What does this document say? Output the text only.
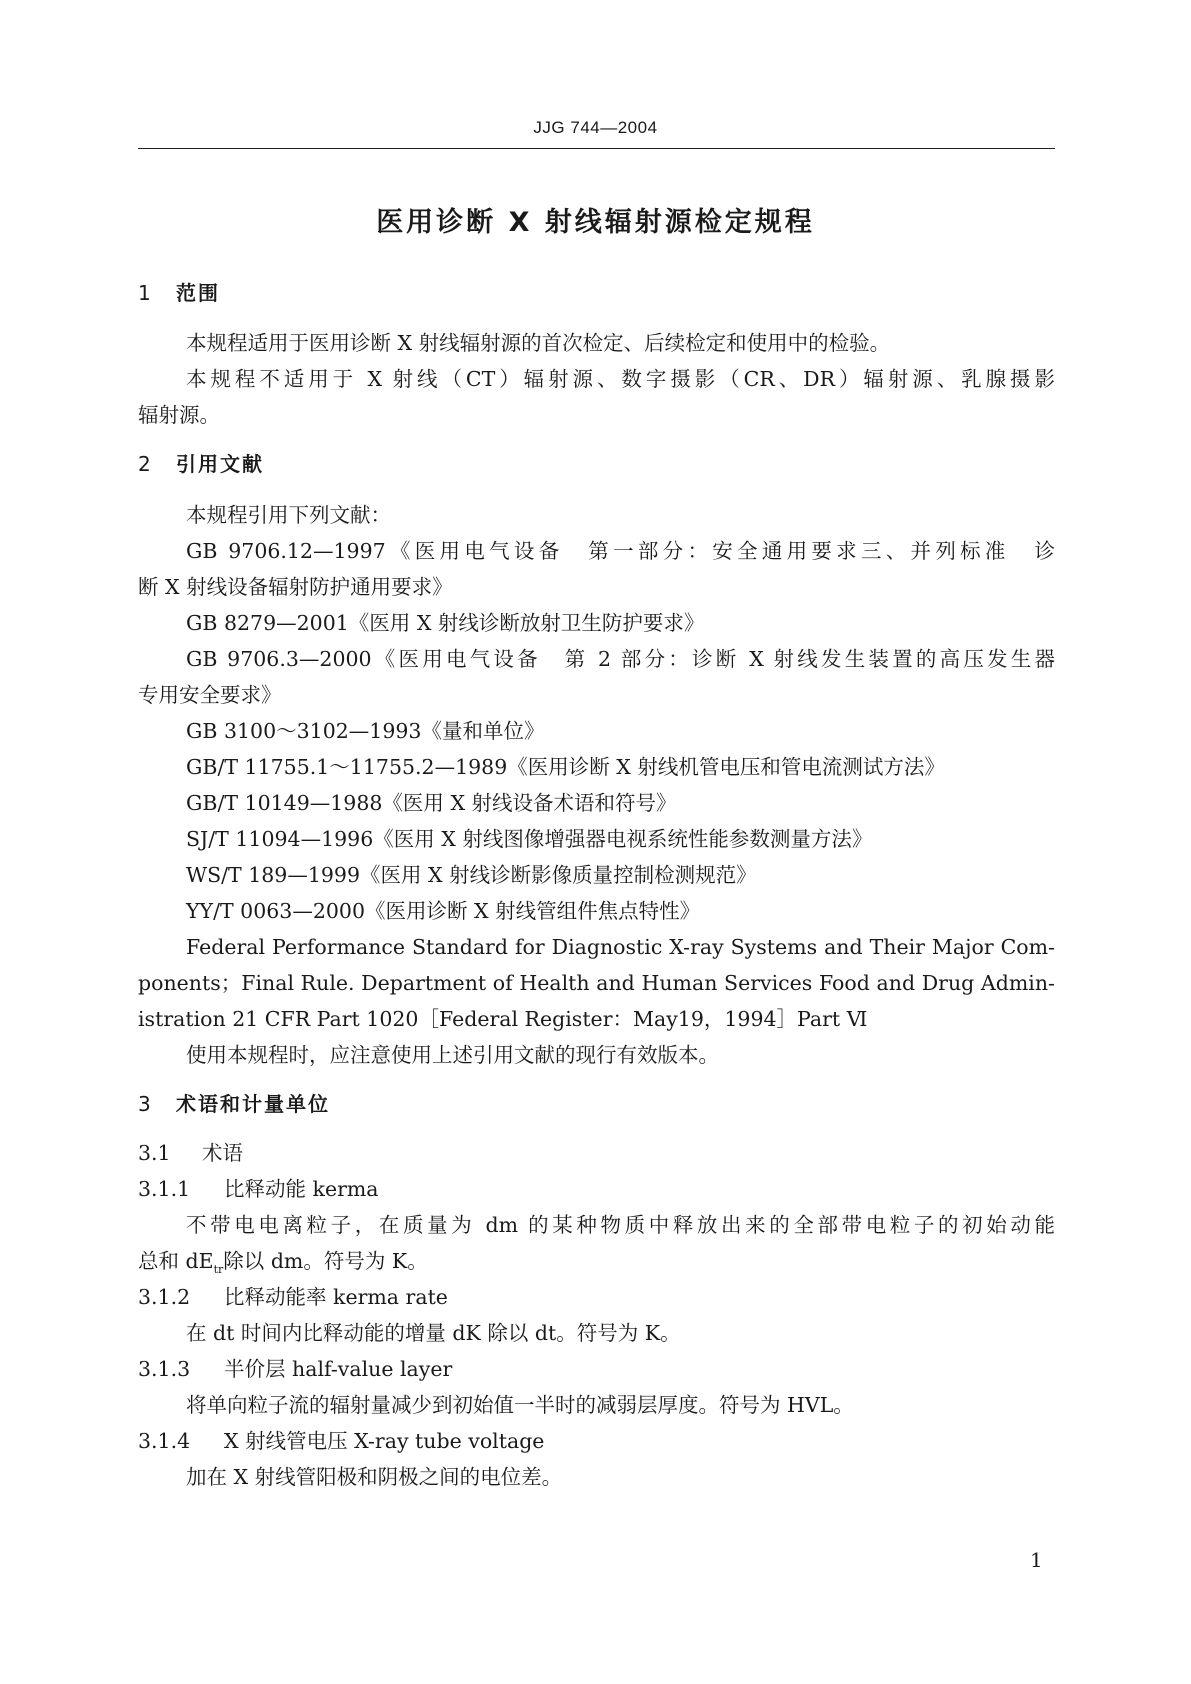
JJG 744—2004
医用诊断 X 射线辐射源检定规程
1 范围
本规程适用于医用诊断 X 射线辐射源的首次检定、后续检定和使用中的检验。
本规程不适用于 X 射线（CT）辐射源、数字摄影（CR、DR）辐射源、乳腺摄影
辐射源。
2 引用文献
本规程引用下列文献：
GB 9706.12—1997《医用电气设备　第一部分：安全通用要求三、并列标准　诊
断 X 射线设备辐射防护通用要求》
GB 8279—2001《医用 X 射线诊断放射卫生防护要求》
GB 9706.3—2000《医用电气设备　第 2 部分：诊断 X 射线发生装置的高压发生器
专用安全要求》
GB 3100～3102—1993《量和单位》
GB/T 11755.1～11755.2—1989《医用诊断 X 射线机管电压和管电流测试方法》
GB/T 10149—1988《医用 X 射线设备术语和符号》
SJ/T 11094—1996《医用 X 射线图像增强器电视系统性能参数测量方法》
WS/T 189—1999《医用 X 射线诊断影像质量控制检测规范》
YY/T 0063—2000《医用诊断 X 射线管组件焦点特性》
Federal Performance Standard for Diagnostic X-ray Systems and Their Major Com-
ponents；Final Rule. Department of Health and Human Services Food and Drug Admin-
istration 21 CFR Part 1020［Federal Register：May19，1994］Part Ⅵ
使用本规程时，应注意使用上述引用文献的现行有效版本。
3 术语和计量单位
3.1 术语
3.1.1 比释动能 kerma
不带电电离粒子，在质量为 dm 的某种物质中释放出来的全部带电粒子的初始动能
总和 $dE_{tr}$除以 dm。符号为 K。
3.1.2 比释动能率 kerma rate
在 dt 时间内比释动能的增量 dK 除以 dt。符号为 K。
3.1.3 半价层 half-value layer
将单向粒子流的辐射量减少到初始值一半时的减弱层厚度。符号为 HVL。
3.1.4 X 射线管电压 X-ray tube voltage
加在 X 射线管阳极和阴极之间的电位差。
1
